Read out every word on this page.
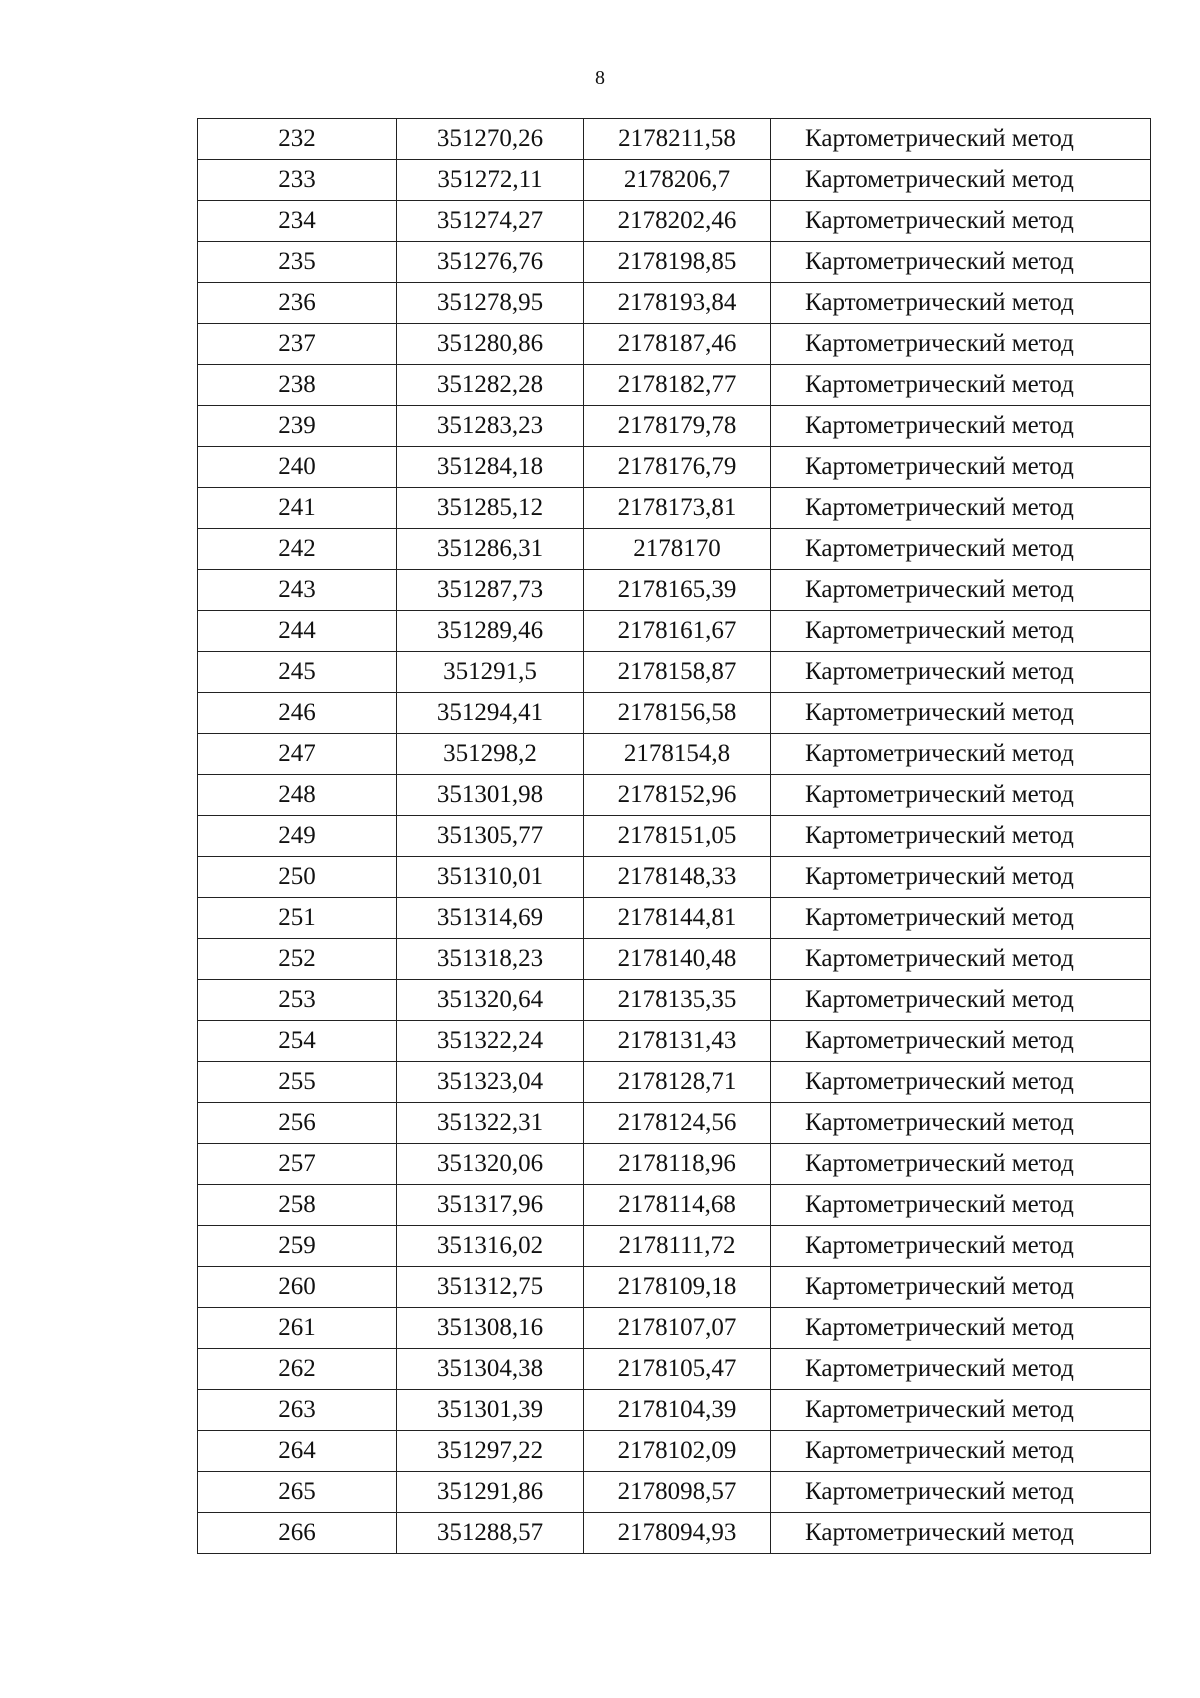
8
232	351270,26	2178211,58	Картометрический метод
233	351272,11	2178206,7	Картометрический метод
234	351274,27	2178202,46	Картометрический метод
235	351276,76	2178198,85	Картометрический метод
236	351278,95	2178193,84	Картометрический метод
237	351280,86	2178187,46	Картометрический метод
238	351282,28	2178182,77	Картометрический метод
239	351283,23	2178179,78	Картометрический метод
240	351284,18	2178176,79	Картометрический метод
241	351285,12	2178173,81	Картометрический метод
242	351286,31	2178170	Картометрический метод
243	351287,73	2178165,39	Картометрический метод
244	351289,46	2178161,67	Картометрический метод
245	351291,5	2178158,87	Картометрический метод
246	351294,41	2178156,58	Картометрический метод
247	351298,2	2178154,8	Картометрический метод
248	351301,98	2178152,96	Картометрический метод
249	351305,77	2178151,05	Картометрический метод
250	351310,01	2178148,33	Картометрический метод
251	351314,69	2178144,81	Картометрический метод
252	351318,23	2178140,48	Картометрический метод
253	351320,64	2178135,35	Картометрический метод
254	351322,24	2178131,43	Картометрический метод
255	351323,04	2178128,71	Картометрический метод
256	351322,31	2178124,56	Картометрический метод
257	351320,06	2178118,96	Картометрический метод
258	351317,96	2178114,68	Картометрический метод
259	351316,02	2178111,72	Картометрический метод
260	351312,75	2178109,18	Картометрический метод
261	351308,16	2178107,07	Картометрический метод
262	351304,38	2178105,47	Картометрический метод
263	351301,39	2178104,39	Картометрический метод
264	351297,22	2178102,09	Картометрический метод
265	351291,86	2178098,57	Картометрический метод
266	351288,57	2178094,93	Картометрический метод
